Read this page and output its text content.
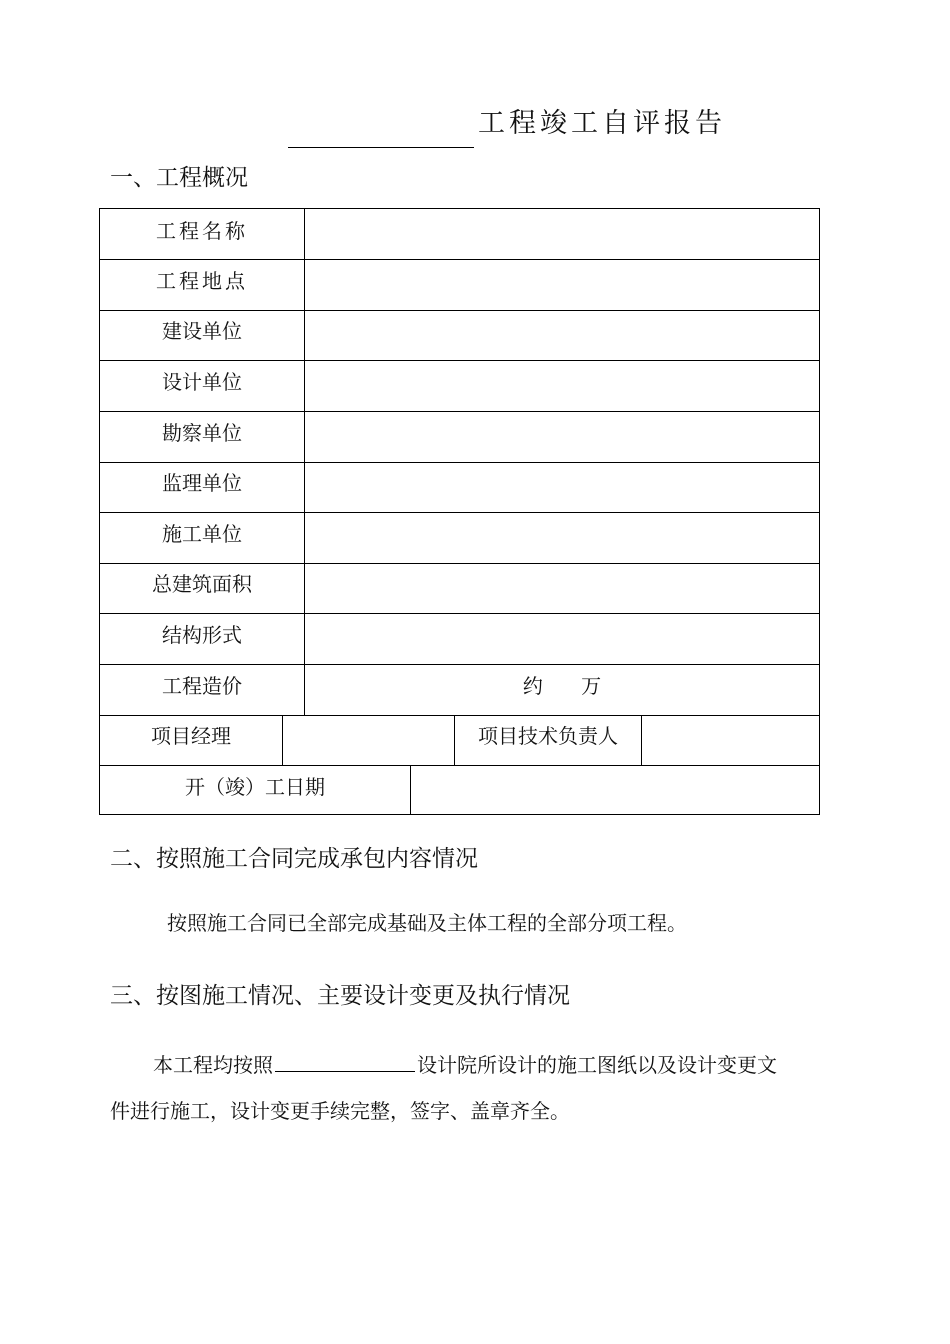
工程竣工自评报告
一、工程概况
工程名称
工程地点
建设单位
设计单位
勘察单位
监理单位
施工单位
总建筑面积
结构形式
工程造价	约      万
项目经理	项目技术负责人
开（竣）工日期
二、按照施工合同完成承包内容情况
按照施工合同已全部完成基础及主体工程的全部分项工程。
三、按图施工情况、主要设计变更及执行情况
本工程均按照	设计院所设计的施工图纸以及设计变更文
件进行施工，设计变更手续完整，签字、盖章齐全。
